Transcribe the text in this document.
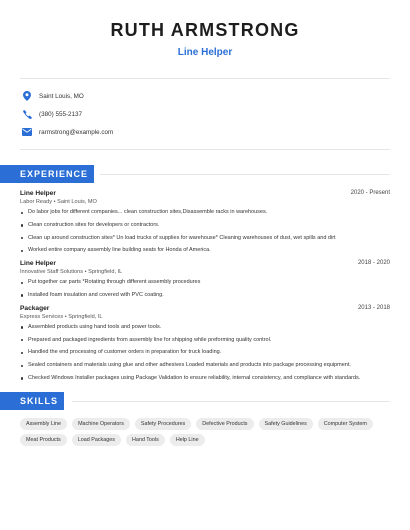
RUTH ARMSTRONG
Line Helper
Saint Louis, MO
(380) 555-2137
rarmstrong@example.com
EXPERIENCE
Line Helper	2020 - Present
Labor Ready • Saint Louis, MO
Do labor jobs for different companies... clean construction sites,Disassemble racks in warehouses.
Clean construction sites for developers or contractors.
Clean up around construction sites* Un load trucks of supplies for warehouse* Cleaning warehouses of dust, wet spills and dirt
Worked entire company assembly line building seats for Honda of America.
Line Helper	2018 - 2020
Innovative Staff Solutions • Springfield, IL
Put together car parts *Rotating through different assembly procedures
Installed foam insulation and covered with PVC coating.
Packager	2013 - 2018
Express Services • Springfield, IL
Assembled products using hand tools and power tools.
Prepared and packaged ingredients from assembly line for shipping while preforming quality control.
Handled the end processing of customer orders in preparation for truck loading.
Sealed containers and materials using glue and other adhesives Loaded materials and products into package processing equipment.
Checked Windows Installer packages using Package Validation to ensure reliability, internal consistency, and compliance with standards.
SKILLS
Assembly Line	Machine Operators	Safety Procedures	Defective Products	Safety Guidelines	Computer System
Meat Products	Load Packages	Hand Tools	Help Line
